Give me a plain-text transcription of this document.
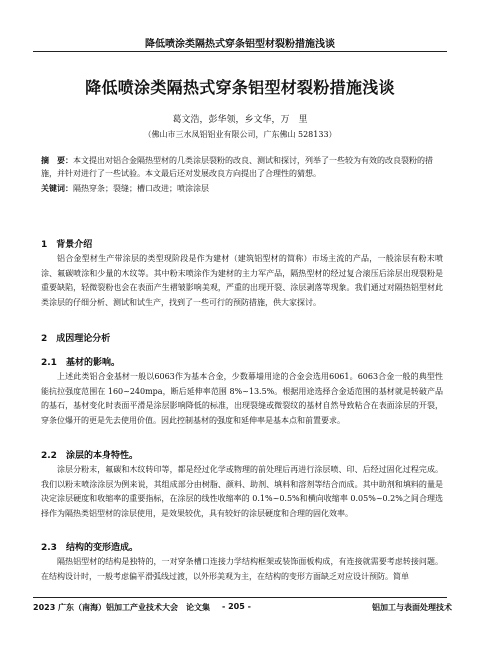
降低喷涂类隔热式穿条铝型材裂粉措施浅谈
降低喷涂类隔热式穿条铝型材裂粉措施浅谈
葛文浩，彭华领，乡文华，万　里
（佛山市三水凤铝铝业有限公司，广东佛山 528133）
摘　要：本文提出对铝合金隔热型材的几类涂层裂粉的改良、测试和探讨，列举了一些较为有效的改良裂粉的措施，并针对进行了一些试验。本文最后还对发展改良方向提出了合理性的猜想。
关键词：隔热穿条；裂缝；槽口改进；喷涂涂层
1　背景介绍

铝合金型材生产带涂层的类型现阶段是作为建材（建筑铝型材的简称）市场主流的产品，一般涂层有粉末喷涂、氟碳喷涂和少量的木纹等。其中粉末喷涂作为建材的主力军产品，隔热型材的经过复合滚压后涂层出现裂粉是重要缺陷，轻微裂粉也会在表面产生褶皱影响美观，严重的出现开裂、涂层剥落等现象。我们通过对隔热铝型材此类涂层的仔细分析、测试和试生产，找到了一些可行的预防措施，供大家探讨。

2　成因理论分析
2.1　基材的影响。

上述此类铝合金基材一般以6063作为基本合金，少数幕墙用途的合金会选用6061。6063合金一般的典型性能抗拉强度范围在 160~240mpa，断后延伸率范围 8%~13.5%。根据用途选择合金适范围的基材就是转破产品的基石，基材变化时表面平滑是涂层影响降低的标准，出现裂缝或微裂纹的基材自然导致粘合在表面涂层的开裂，穿条位爆开的更是先去使用价值。因此控制基材的强度和延伸率是基本点和前置要求。

2.2　涂层的本身特性。

涂层分粉末，氟碳和木纹转印等，都是经过化学或物理的前处理后再进行涂层喷、印、后经过固化过程完成。我们以粉末喷涂涂层为例来说，其组成部分由树脂、颜料、助剂、填料和溶剂等结合而成。其中助剂和填料的量是决定涂层硬度和收缩率的重要指标，在涂层的线性收缩率的 0.1%~0.5%和横向收缩率 0.05%~0.2%之间合理选择作为隔热类铝型材的涂层使用，是效果较优，具有较好的涂层硬度和合理的固化效率。

2.3　结构的变形造成。

隔热铝型材的结构是独特的，一对穿条槽口连接力学结构框架或装饰面板构成，有连接就需要考虑转接问题。在结构设计时，一般考虑偏平滑弧线过渡，以外形美观为主，在结构的变形方面缺乏对应设计预防。简单

2023 广东（南海）铝加工产业技术大会　论文集 - 205 -	铝加工与表面处理技术
